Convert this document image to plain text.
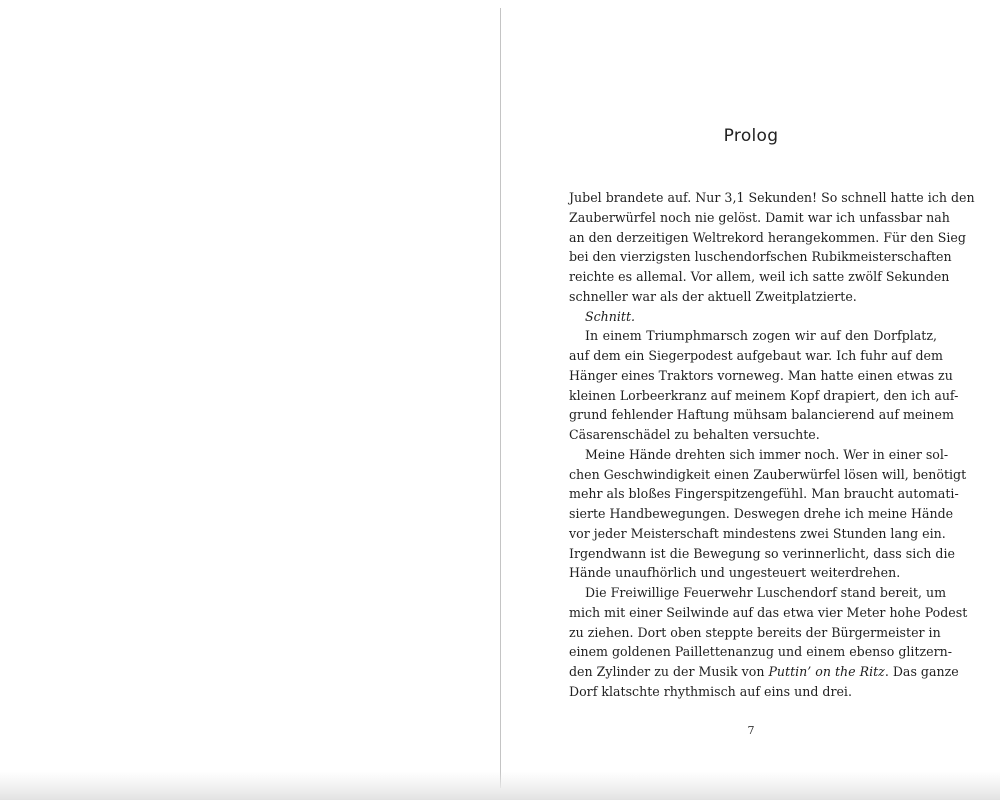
Prolog
Jubel brandete auf. Nur 3,1 Sekunden! So schnell hatte ich den
Zauberwürfel noch nie gelöst. Damit war ich unfassbar nah
an den derzeitigen Weltrekord herangekommen. Für den Sieg
bei den vierzigsten luschendorfschen Rubikmeisterschaften
reichte es allemal. Vor allem, weil ich satte zwölf Sekunden
schneller war als der aktuell Zweitplatzierte.
Schnitt.
In einem Triumphmarsch zogen wir auf den Dorfplatz,
auf dem ein Siegerpodest aufgebaut war. Ich fuhr auf dem
Hänger eines Traktors vorneweg. Man hatte einen etwas zu
kleinen Lorbeerkranz auf meinem Kopf drapiert, den ich auf-
grund fehlender Haftung mühsam balancierend auf meinem
Cäsarenschädel zu behalten versuchte.
Meine Hände drehten sich immer noch. Wer in einer sol-
chen Geschwindigkeit einen Zauberwürfel lösen will, benötigt
mehr als bloßes Fingerspitzengefühl. Man braucht automati-
sierte Handbewegungen. Deswegen drehe ich meine Hände
vor jeder Meisterschaft mindestens zwei Stunden lang ein.
Irgendwann ist die Bewegung so verinnerlicht, dass sich die
Hände unaufhörlich und ungesteuert weiterdrehen.
Die Freiwillige Feuerwehr Luschendorf stand bereit, um
mich mit einer Seilwinde auf das etwa vier Meter hohe Podest
zu ziehen. Dort oben steppte bereits der Bürgermeister in
einem goldenen Paillettenanzug und einem ebenso glitzern-
den Zylinder zu der Musik von Puttin’ on the Ritz. Das ganze
Dorf klatschte rhythmisch auf eins und drei.
7
